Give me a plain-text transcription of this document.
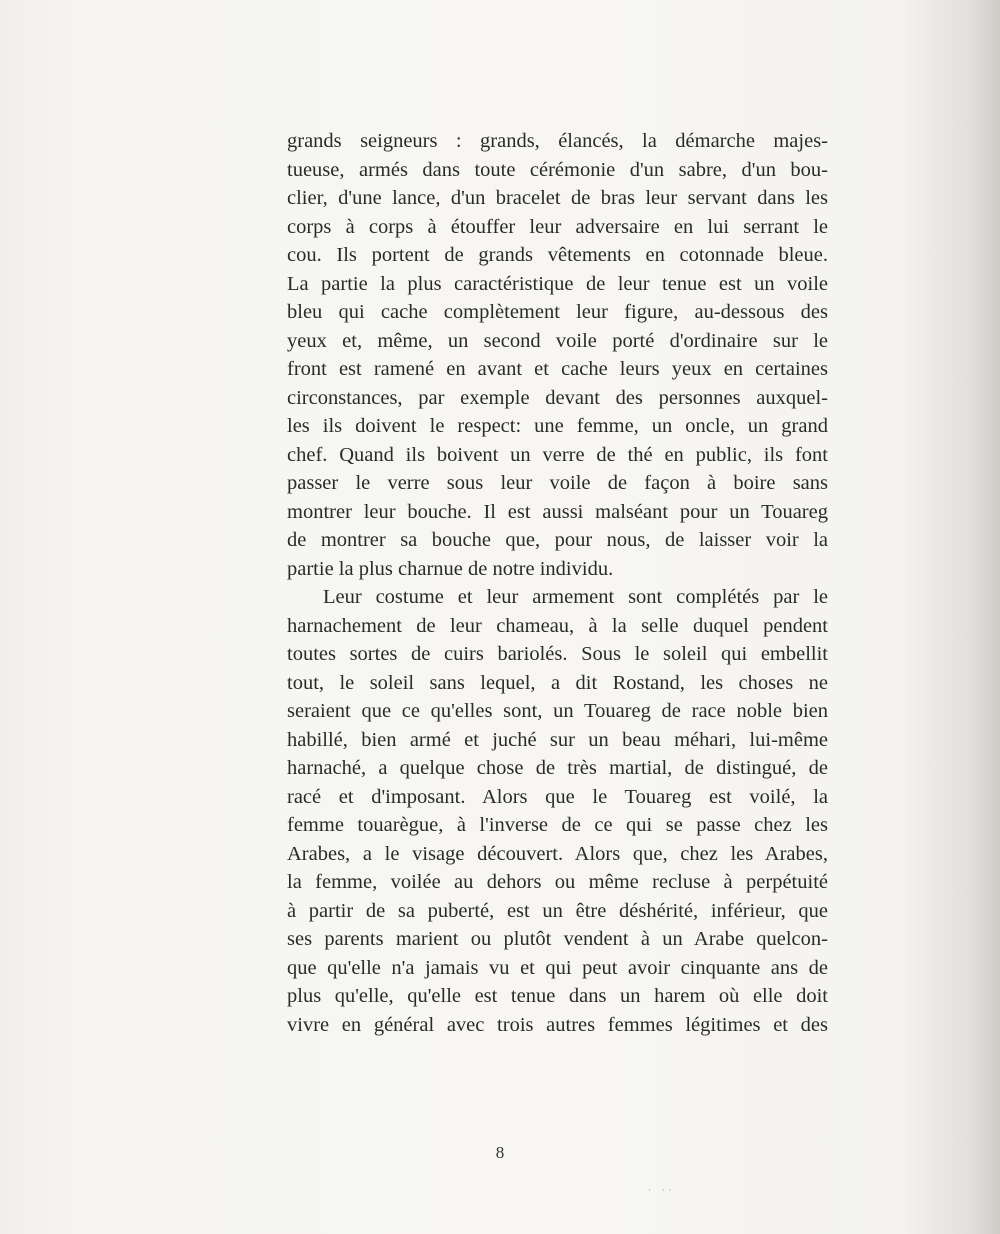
grands seigneurs : grands, élancés, la démarche majes-
tueuse, armés dans toute cérémonie d'un sabre, d'un bou-
clier, d'une lance, d'un bracelet de bras leur servant dans les
corps à corps à étouffer leur adversaire en lui serrant le
cou. Ils portent de grands vêtements en cotonnade bleue.
La partie la plus caractéristique de leur tenue est un voile
bleu qui cache complètement leur figure, au-dessous des
yeux et, même, un second voile porté d'ordinaire sur le
front est ramené en avant et cache leurs yeux en certaines
circonstances, par exemple devant des personnes auxquel-
les ils doivent le respect: une femme, un oncle, un grand
chef. Quand ils boivent un verre de thé en public, ils font
passer le verre sous leur voile de façon à boire sans
montrer leur bouche. Il est aussi malséant pour un Touareg
de montrer sa bouche que, pour nous, de laisser voir la
partie la plus charnue de notre individu.

Leur costume et leur armement sont complétés par le
harnachement de leur chameau, à la selle duquel pendent
toutes sortes de cuirs bariolés. Sous le soleil qui embellit
tout, le soleil sans lequel, a dit Rostand, les choses ne
seraient que ce qu'elles sont, un Touareg de race noble bien
habillé, bien armé et juché sur un beau méhari, lui-même
harnaché, a quelque chose de très martial, de distingué, de
racé et d'imposant. Alors que le Touareg est voilé, la
femme touarègue, à l'inverse de ce qui se passe chez les
Arabes, a le visage découvert. Alors que, chez les Arabes,
la femme, voilée au dehors ou même recluse à perpétuité
à partir de sa puberté, est un être déshérité, inférieur, que
ses parents marient ou plutôt vendent à un Arabe quelcon-
que qu'elle n'a jamais vu et qui peut avoir cinquante ans de
plus qu'elle, qu'elle est tenue dans un harem où elle doit
vivre en général avec trois autres femmes légitimes et des

8
· ··
